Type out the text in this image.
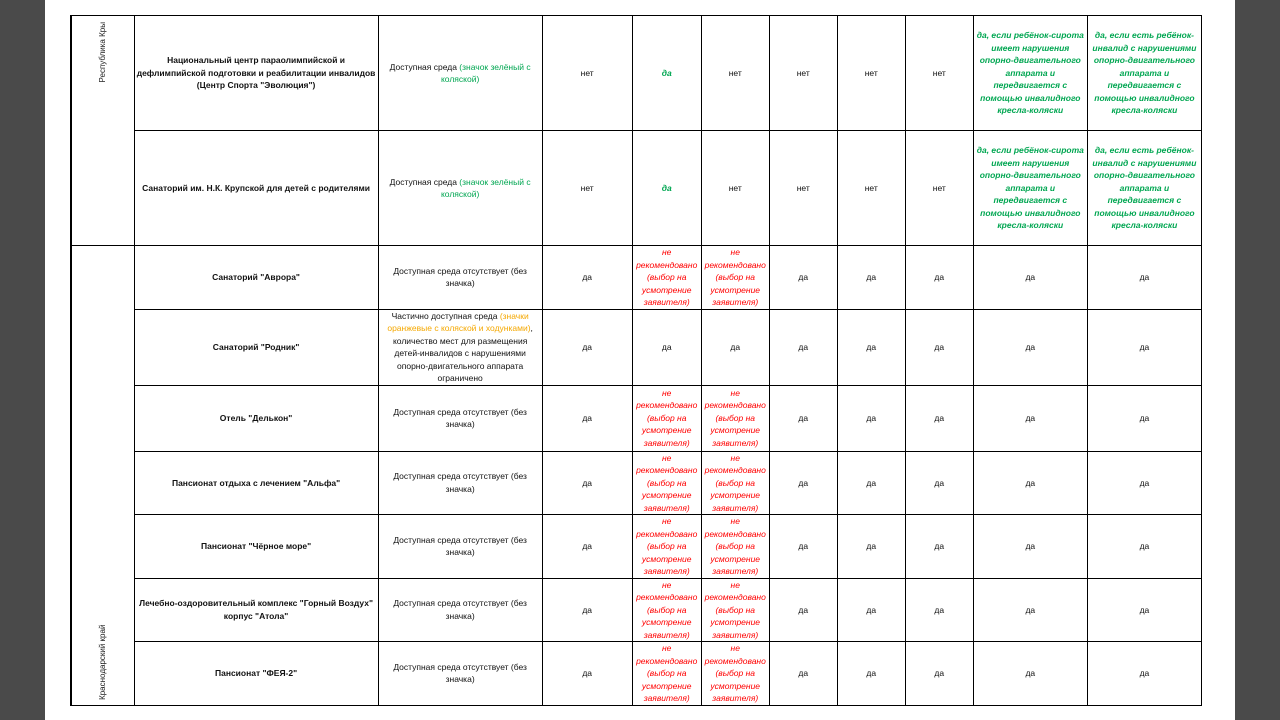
Республика Кры	Национальный центр параолимпийской и дефлимпийской подготовки и реабилитации инвалидов (Центр Спорта "Эволюция")	Доступная среда (значок зелёный с коляской)	нет	да	нет	нет	нет	нет	да, если ребёнок-сирота имеет нарушения опорно-двигательного аппарата и передвигается с помощью инвалидного кресла-коляски	да, если есть ребёнок-инвалид с нарушениями опорно-двигательного аппарата и передвигается с помощью инвалидного кресла-коляски
	Санаторий им. Н.К. Крупской для детей с родителями	Доступная среда (значок зелёный с коляской)	нет	да	нет	нет	нет	нет	да, если ребёнок-сирота имеет нарушения опорно-двигательного аппарата и передвигается с помощью инвалидного кресла-коляски	да, если есть ребёнок-инвалид с нарушениями опорно-двигательного аппарата и передвигается с помощью инвалидного кресла-коляски

Краснодарский край	Санаторий "Аврора"	Доступная среда отсутствует (без значка)	да	не рекомендовано (выбор на усмотрение заявителя)	не рекомендовано (выбор на усмотрение заявителя)	да	да	да	да	да
	Санаторий "Родник"	Частично доступная среда (значки оранжевые с коляской и ходунками), количество мест для размещения детей-инвалидов с нарушениями опорно-двигательного аппарата ограничено	да	да	да	да	да	да	да	да
	Отель "Делькон"	Доступная среда отсутствует (без значка)	да	не рекомендовано (выбор на усмотрение заявителя)	не рекомендовано (выбор на усмотрение заявителя)	да	да	да	да	да
	Пансионат отдыха с лечением "Альфа"	Доступная среда отсутствует (без значка)	да	не рекомендовано (выбор на усмотрение заявителя)	не рекомендовано (выбор на усмотрение заявителя)	да	да	да	да	да
	Пансионат "Чёрное море"	Доступная среда отсутствует (без значка)	да	не рекомендовано (выбор на усмотрение заявителя)	не рекомендовано (выбор на усмотрение заявителя)	да	да	да	да	да
	Лечебно-оздоровительный комплекс "Горный Воздух" корпус "Атола"	Доступная среда отсутствует (без значка)	да	не рекомендовано (выбор на усмотрение заявителя)	не рекомендовано (выбор на усмотрение заявителя)	да	да	да	да	да
	Пансионат "ФЕЯ-2"	Доступная среда отсутствует (без значка)	да	не рекомендовано (выбор на усмотрение заявителя)	не рекомендовано (выбор на усмотрение заявителя)	да	да	да	да	да
